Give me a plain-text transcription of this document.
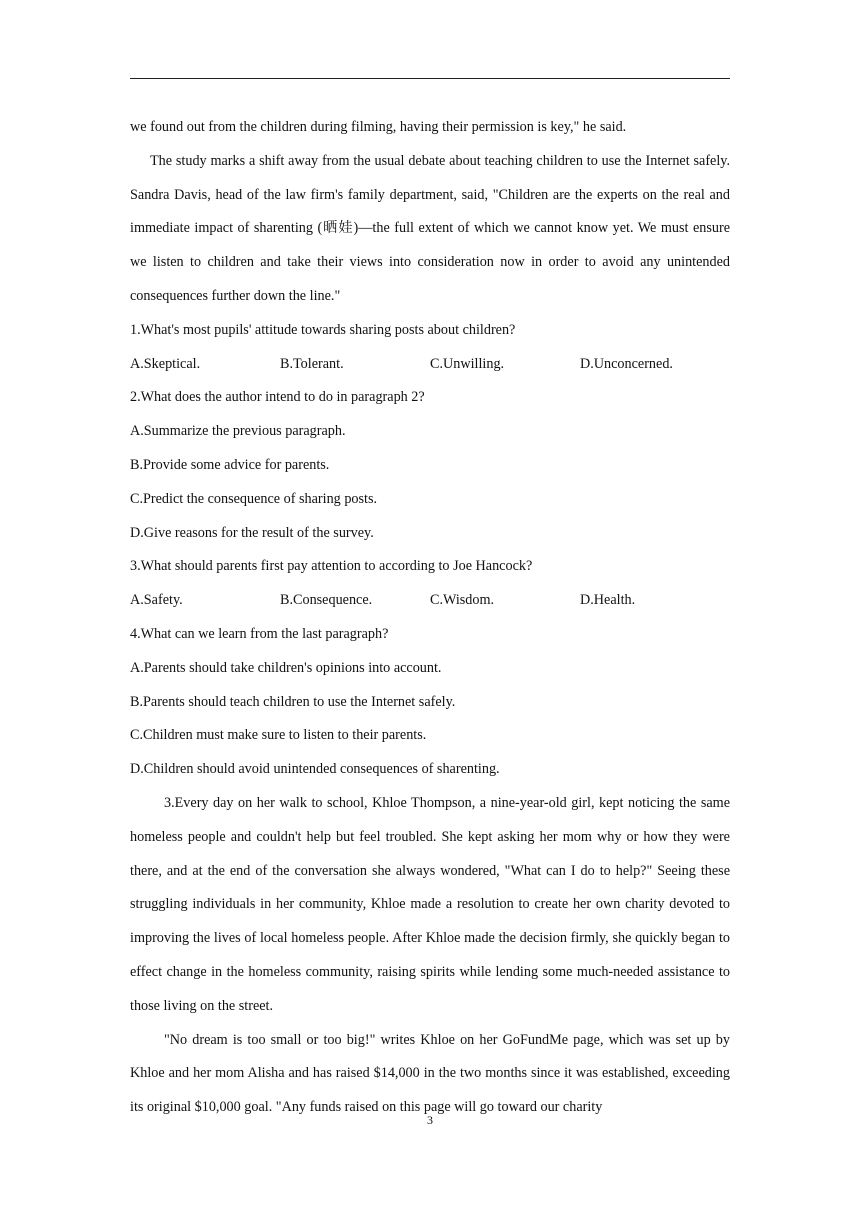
we found out from the children during filming, having their permission is key," he said.

The study marks a shift away from the usual debate about teaching children to use the Internet safely. Sandra Davis, head of the law firm's family department, said, "Children are the experts on the real and immediate impact of sharenting (晒娃)—the full extent of which we cannot know yet. We must ensure we listen to children and take their views into consideration now in order to avoid any unintended consequences further down the line."

1.What's most pupils' attitude towards sharing posts about children?

A.Skeptical.	B.Tolerant.	C.Unwilling.	D.Unconcerned.

2.What does the author intend to do in paragraph 2?

A.Summarize the previous paragraph.

B.Provide some advice for parents.

C.Predict the consequence of sharing posts.

D.Give reasons for the result of the survey.

3.What should parents first pay attention to according to Joe Hancock?

A.Safety.	B.Consequence.	C.Wisdom.	D.Health.

4.What can we learn from the last paragraph?

A.Parents should take children's opinions into account.

B.Parents should teach children to use the Internet safely.

C.Children must make sure to listen to their parents.

D.Children should avoid unintended consequences of sharenting.

3.Every day on her walk to school, Khloe Thompson, a nine-year-old girl, kept noticing the same homeless people and couldn't help but feel troubled. She kept asking her mom why or how they were there, and at the end of the conversation she always wondered, "What can I do to help?" Seeing these struggling individuals in her community, Khloe made a resolution to create her own charity devoted to improving the lives of local homeless people. After Khloe made the decision firmly, she quickly began to effect change in the homeless community, raising spirits while lending some much-needed assistance to those living on the street.

"No dream is too small or too big!" writes Khloe on her GoFundMe page, which was set up by Khloe and her mom Alisha and has raised $14,000 in the two months since it was established, exceeding its original $10,000 goal. "Any funds raised on this page will go toward our charity

3
